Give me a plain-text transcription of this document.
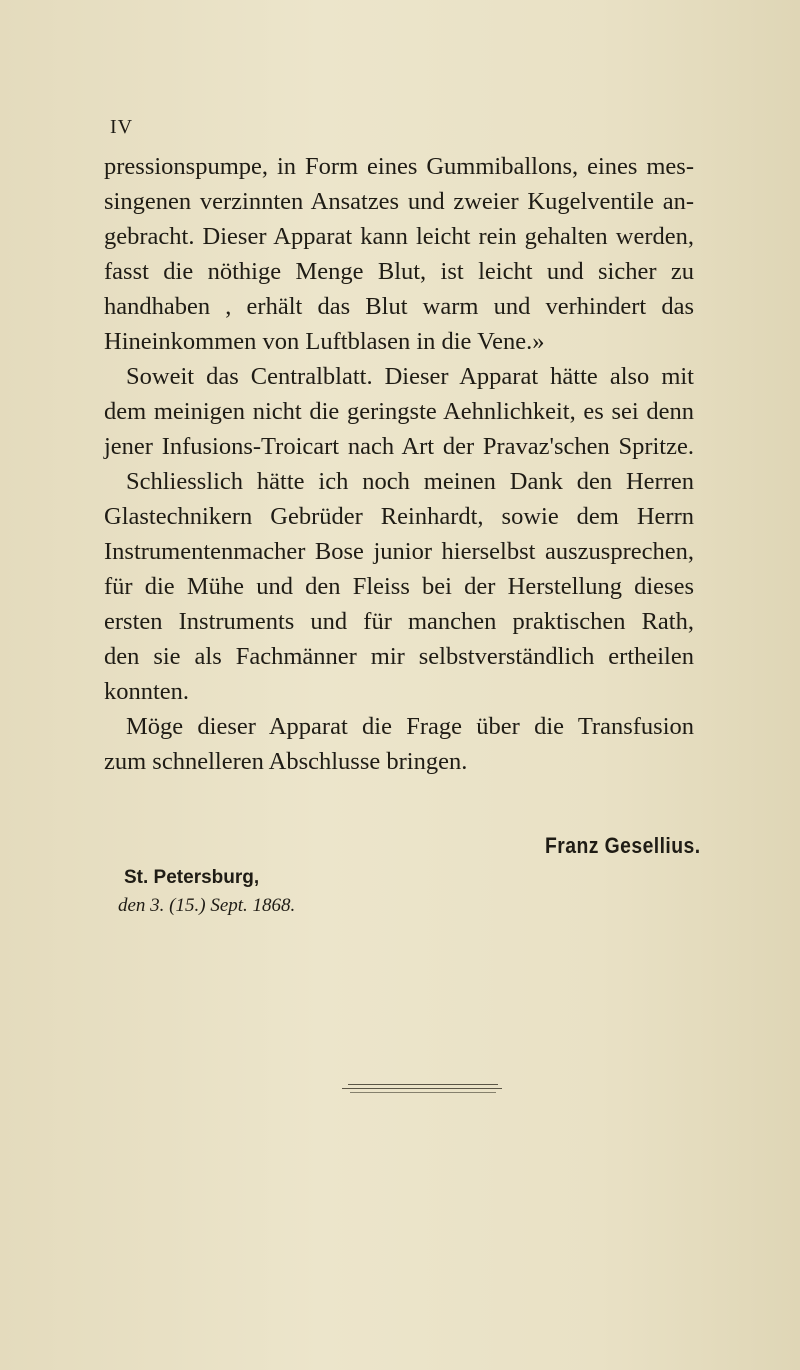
IV
pressionspumpe, in Form eines Gummiballons, eines mes-
singenen verzinnten Ansatzes und zweier Kugelventile an-
gebracht. Dieser Apparat kann leicht rein gehalten werden,
fasst die nöthige Menge Blut, ist leicht und sicher zu
handhaben , erhält das Blut warm und verhindert das
Hineinkommen von Luftblasen in die Vene.»
Soweit das Centralblatt. Dieser Apparat hätte also mit
dem meinigen nicht die geringste Aehnlichkeit, es sei denn
jener Infusions-Troicart nach Art der Pravaz'schen Spritze.
Schliesslich hätte ich noch meinen Dank den Herren
Glastechnikern Gebrüder Reinhardt, sowie dem Herrn
Instrumentenmacher Bose junior hierselbst auszusprechen,
für die Mühe und den Fleiss bei der Herstellung dieses
ersten Instruments und für manchen praktischen Rath,
den sie als Fachmänner mir selbstverständlich ertheilen
konnten.
Möge dieser Apparat die Frage über die Transfusion
zum schnelleren Abschlusse bringen.
Franz Gesellius.
St. Petersburg,
den 3. (15.) Sept. 1868.
